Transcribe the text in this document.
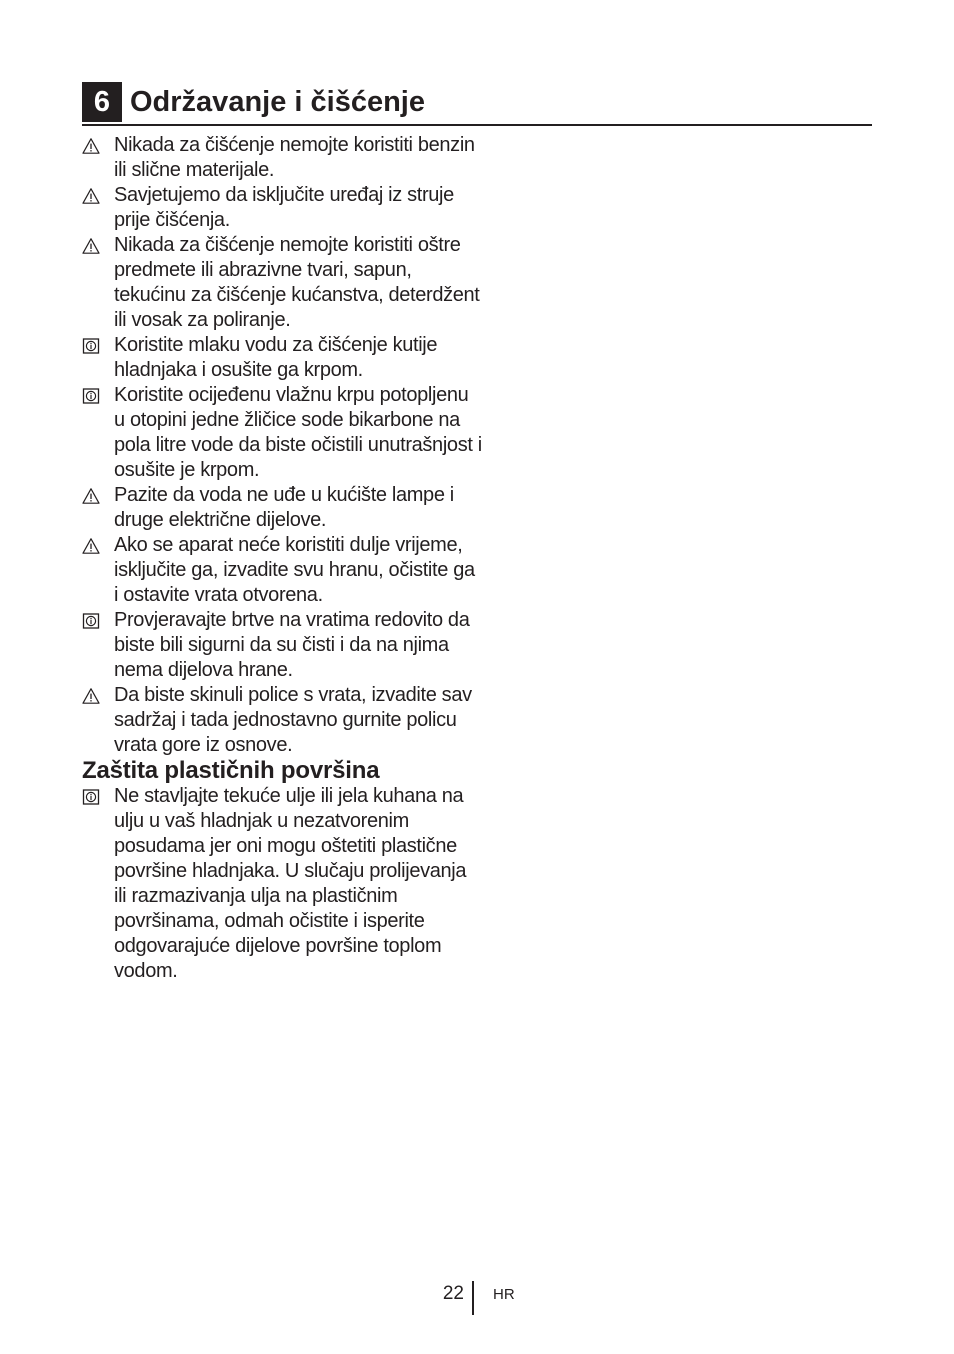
6 Održavanje i čišćenje
Nikada za čišćenje nemojte koristiti benzin ili slične materijale.
Savjetujemo da isključite uređaj iz struje prije čišćenja.
Nikada za čišćenje nemojte koristiti oštre predmete ili abrazivne tvari, sapun, tekućinu za čišćenje kućanstva, deterdžent ili vosak za poliranje.
Koristite mlaku vodu za čišćenje kutije hladnjaka i osušite ga krpom.
Koristite ocijeđenu vlažnu krpu potopljenu u otopini jedne žličice sode bikarbone na pola litre vode da biste očistili unutrašnjost i osušite je krpom.
Pazite da voda ne uđe u kućište lampe i druge električne dijelove.
Ako se aparat neće koristiti dulje vrijeme, isključite ga, izvadite svu hranu, očistite ga i ostavite vrata otvorena.
Provjeravajte brtve na vratima redovito da biste bili sigurni da su čisti i da na njima nema dijelova hrane.
Da biste skinuli police s vrata, izvadite sav sadržaj i tada jednostavno gurnite policu vrata gore iz osnove.
Zaštita plastičnih površina
Ne stavljajte tekuće ulje ili jela kuhana na ulju u vaš hladnjak u nezatvorenim posudama jer oni mogu oštetiti plastične površine hladnjaka. U slučaju prolijevanja ili razmazivanja ulja na plastičnim površinama, odmah očistite i isperite odgovarajuće dijelove površine toplom vodom.
22 HR
